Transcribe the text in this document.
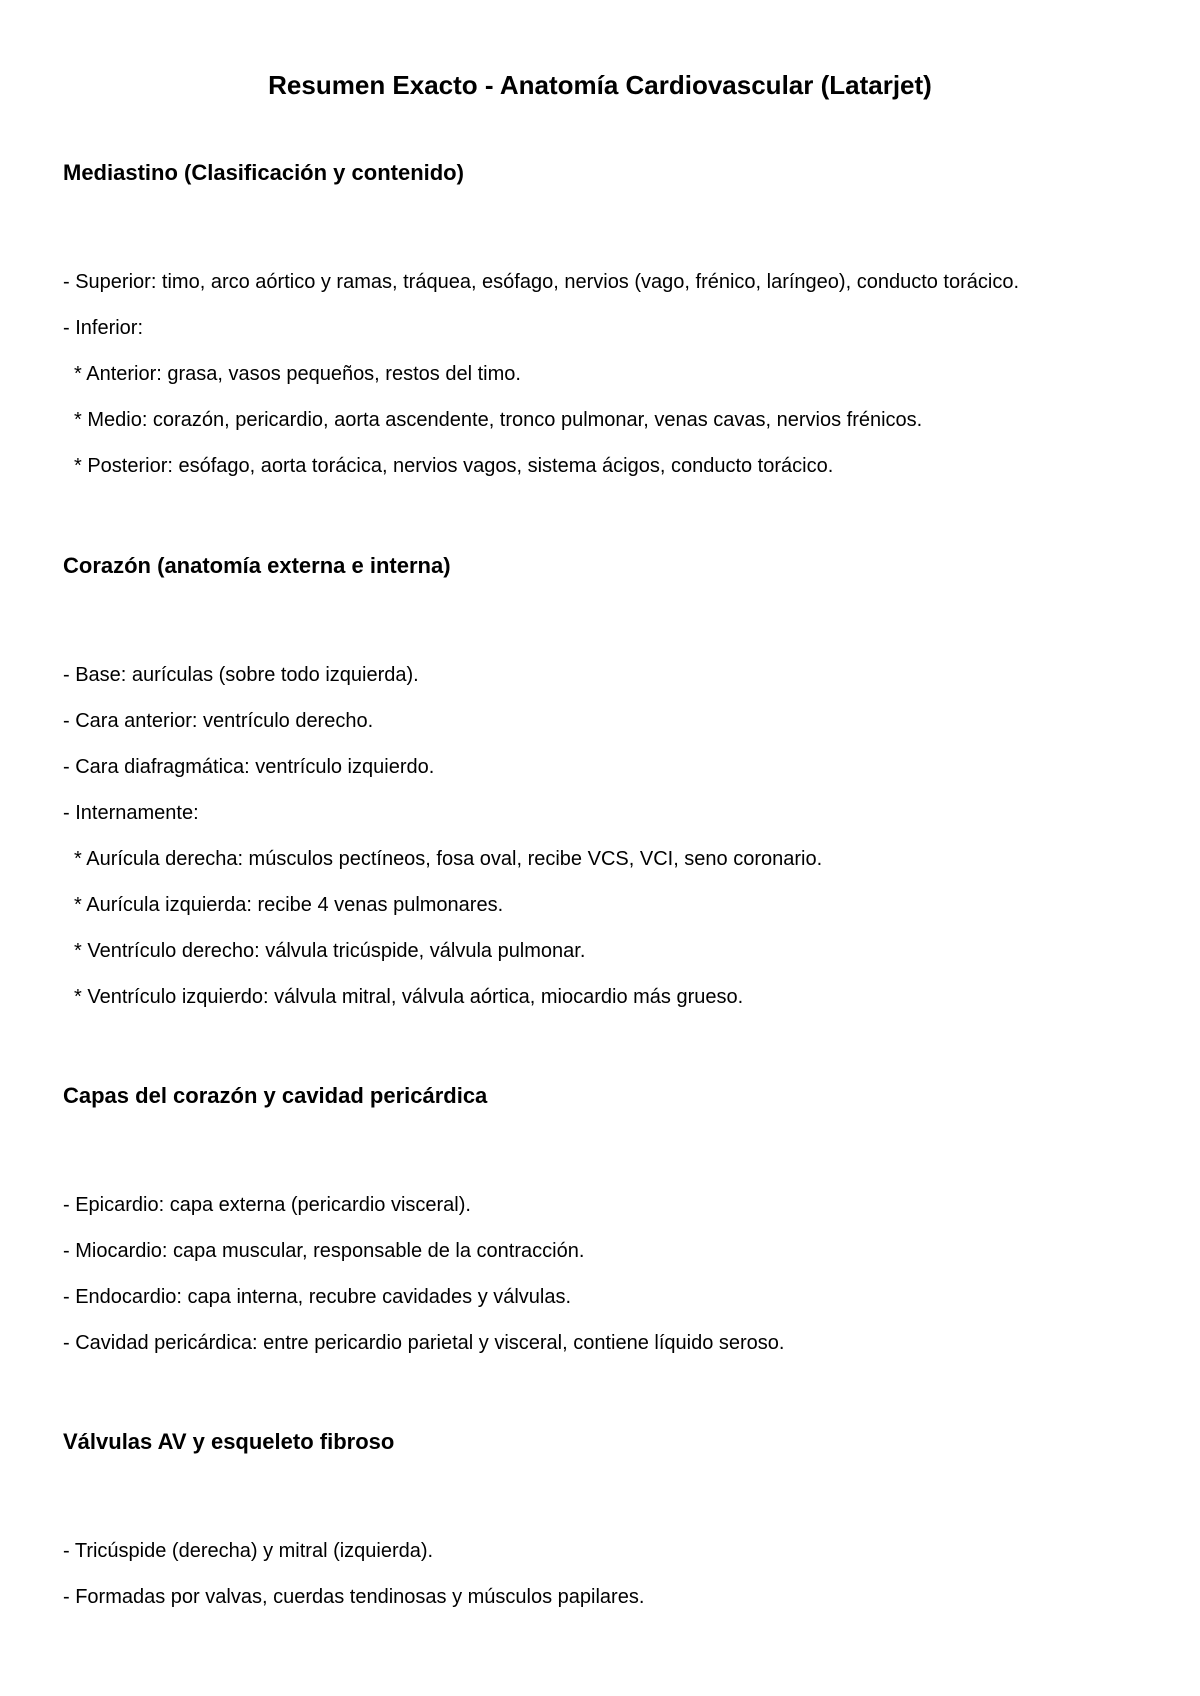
Resumen Exacto - Anatomía Cardiovascular (Latarjet)
Mediastino (Clasificación y contenido)
- Superior: timo, arco aórtico y ramas, tráquea, esófago, nervios (vago, frénico, laríngeo), conducto torácico.
- Inferior:
* Anterior: grasa, vasos pequeños, restos del timo.
* Medio: corazón, pericardio, aorta ascendente, tronco pulmonar, venas cavas, nervios frénicos.
* Posterior: esófago, aorta torácica, nervios vagos, sistema ácigos, conducto torácico.
Corazón (anatomía externa e interna)
- Base: aurículas (sobre todo izquierda).
- Cara anterior: ventrículo derecho.
- Cara diafragmática: ventrículo izquierdo.
- Internamente:
* Aurícula derecha: músculos pectíneos, fosa oval, recibe VCS, VCI, seno coronario.
* Aurícula izquierda: recibe 4 venas pulmonares.
* Ventrículo derecho: válvula tricúspide, válvula pulmonar.
* Ventrículo izquierdo: válvula mitral, válvula aórtica, miocardio más grueso.
Capas del corazón y cavidad pericárdica
- Epicardio: capa externa (pericardio visceral).
- Miocardio: capa muscular, responsable de la contracción.
- Endocardio: capa interna, recubre cavidades y válvulas.
- Cavidad pericárdica: entre pericardio parietal y visceral, contiene líquido seroso.
Válvulas AV y esqueleto fibroso
- Tricúspide (derecha) y mitral (izquierda).
- Formadas por valvas, cuerdas tendinosas y músculos papilares.
